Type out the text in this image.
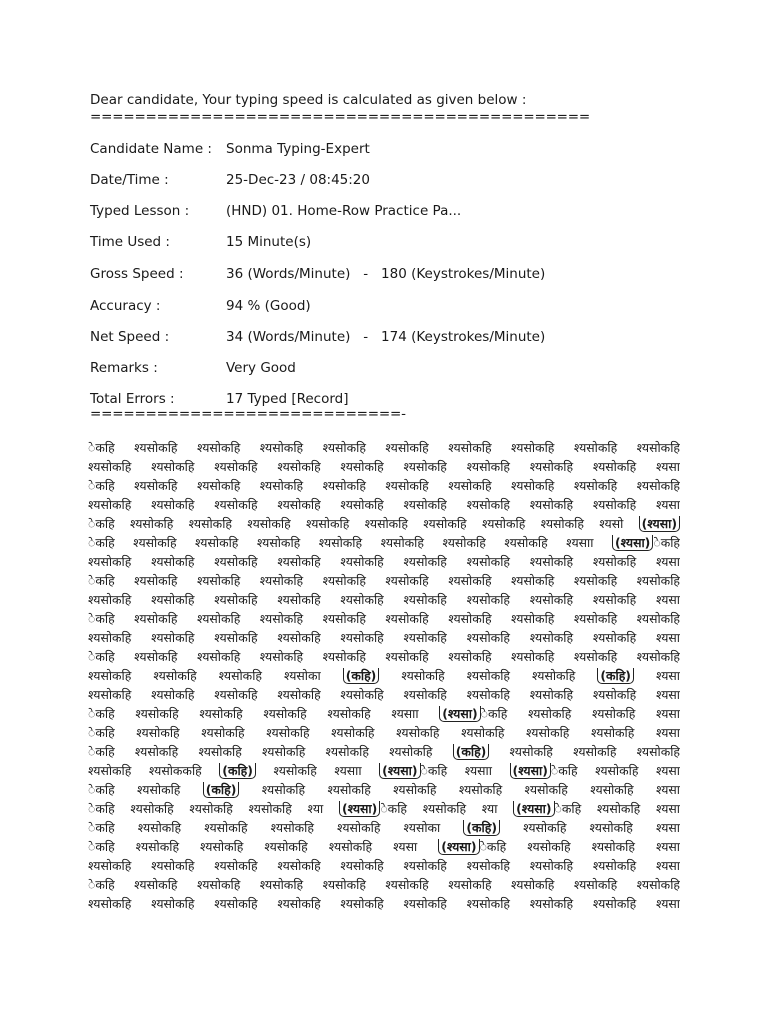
Dear candidate, Your typing speed is calculated as given below :
=============================================
Candidate Name : Sonma Typing-Expert
Date/Time :	25-Dec-23 / 08:45:20
Typed Lesson :	(HND) 01. Home-Row Practice Pa...
Time Used :	15 Minute(s)
Gross Speed :	36 (Words/Minute)   -   180 (Keystrokes/Minute)
Accuracy :	94 % (Good)
Net Speed :	34 (Words/Minute)   -   174 (Keystrokes/Minute)
Remarks :	Very Good
Total Errors :	17 Typed [Record]
============================-
ेकहि श्यसाेकहि श्यसाेकहि श्यसाेकहि श्यसाेकहि श्यसाेकहि श्यसाेकहि श्यसाेकहि श्यसाेकहि श्यसाेकहि
श्यसाेकहि श्यसाेकहि श्यसाेकहि श्यसाेकहि श्यसाेकहि श्यसाेकहि श्यसाेकहि श्यसाेकहि श्यसाेकहि श्यसा
ेकहि श्यसाेकहि श्यसाेकहि श्यसाेकहि श्यसाेकहि श्यसाेकहि श्यसाेकहि श्यसाेकहि श्यसाेकहि श्यसाेकहि
श्यसाेकहि श्यसाेकहि श्यसाेकहि श्यसाेकहि श्यसाेकहि श्यसाेकहि श्यसाेकहि श्यसाेकहि श्यसाेकहि श्यसा
ेकहि श्यसाेकहि श्यसाेकहि श्यसाेकहि श्यसाेकहि श्यसाेकहि श्यसाेकहि श्यसाेकहि श्यसाेकहि श्यसो (श्यसा)
ेकहि श्यसाेकहि श्यसाेकहि श्यसाेकहि श्यसाेकहि श्यसाेकहि श्यसाेकहि श्यसाेकहि श्यसाा (श्यसा) ेकहि
श्यसाेकहि श्यसाेकहि श्यसाेकहि श्यसाेकहि श्यसाेकहि श्यसाेकहि श्यसाेकहि श्यसाेकहि श्यसाेकहि श्यसा
ेकहि श्यसाेकहि श्यसाेकहि श्यसाेकहि श्यसाेकहि श्यसाेकहि श्यसाेकहि श्यसाेकहि श्यसाेकहि श्यसाेकहि
श्यसाेकहि श्यसाेकहि श्यसाेकहि श्यसाेकहि श्यसाेकहि श्यसाेकहि श्यसाेकहि श्यसाेकहि श्यसाेकहि श्यसा
ेकहि श्यसाेकहि श्यसाेकहि श्यसाेकहि श्यसाेकहि श्यसाेकहि श्यसाेकहि श्यसाेकहि श्यसाेकहि श्यसाेकहि
श्यसाेकहि श्यसाेकहि श्यसाेकहि श्यसाेकहि श्यसाेकहि श्यसाेकहि श्यसाेकहि श्यसाेकहि श्यसाेकहि श्यसा
ेकहि श्यसाेकहि श्यसाेकहि श्यसाेकहि श्यसाेकहि श्यसाेकहि श्यसाेकहि श्यसाेकहि श्यसाेकहि श्यसाेकहि
श्यसाेकहि श्यसाेकहि श्यसाेकहि श्यसाेका (कहि) श्यसाेकहि श्यसाेकहि श्यसाेकहि (कहि) श्यसा
श्यसाेकहि श्यसाेकहि श्यसाेकहि श्यसाेकहि श्यसाेकहि श्यसाेकहि श्यसाेकहि श्यसाेकहि श्यसाेकहि श्यसा
ेकहि श्यसाेकहि श्यसाेकहि श्यसाेकहि श्यसाेकहि श्यसाा (श्यसा) ेकहि श्यसाेकहि श्यसाेकहि श्यसा
ेकहि श्यसाेकहि श्यसाेकहि श्यसाेकहि श्यसाेकहि श्यसाेकहि श्यसाेकहि श्यसाेकहि श्यसाेकहि श्यसा
ेकहि श्यसाेकहि श्यसाेकहि श्यसाेकहि श्यसाेकहि श्यसाेकहि (कहि) श्यसाेकहि श्यसाेकहि श्यसाेकहि
श्यसाेकहि श्यसाेककहि (कहि) श्यसाेकहि श्यसाा (श्यसा) ेकहि श्यसाा (श्यसा) ेकहि श्यसाेकहि श्यसा
ेकहि श्यसाेकहि (कहि) श्यसाेकहि श्यसाेकहि श्यसाेकहि श्यसाेकहि श्यसाेकहि श्यसाेकहि श्यसा
ेकहि श्यसाेकहि श्यसाेकहि श्यसाेकहि श्या (श्यसा) ेकहि श्यसाेकहि श्या (श्यसा) ेकहि श्यसाेकहि श्यसा
ेकहि श्यसाेकहि श्यसाेकहि श्यसाेकहि श्यसाेकहि श्यसाेका (कहि) श्यसाेकहि श्यसाेकहि श्यसा
ेकहि श्यसाेकहि श्यसाेकहि श्यसाेकहि श्यसाेकहि श्यसा (श्यसा) ेकहि श्यसाेकहि श्यसाेकहि श्यसा
श्यसाेकहि श्यसाेकहि श्यसाेकहि श्यसाेकहि श्यसाेकहि श्यसाेकहि श्यसाेकहि श्यसाेकहि श्यसाेकहि श्यसा
ेकहि श्यसाेकहि श्यसाेकहि श्यसाेकहि श्यसाेकहि श्यसाेकहि श्यसाेकहि श्यसाेकहि श्यसाेकहि श्यसाेकहि
श्यसाेकहि श्यसाेकहि श्यसाेकहि श्यसाेकहि श्यसाेकहि श्यसाेकहि श्यसाेकहि श्यसाेकहि श्यसाेकहि श्यसा
